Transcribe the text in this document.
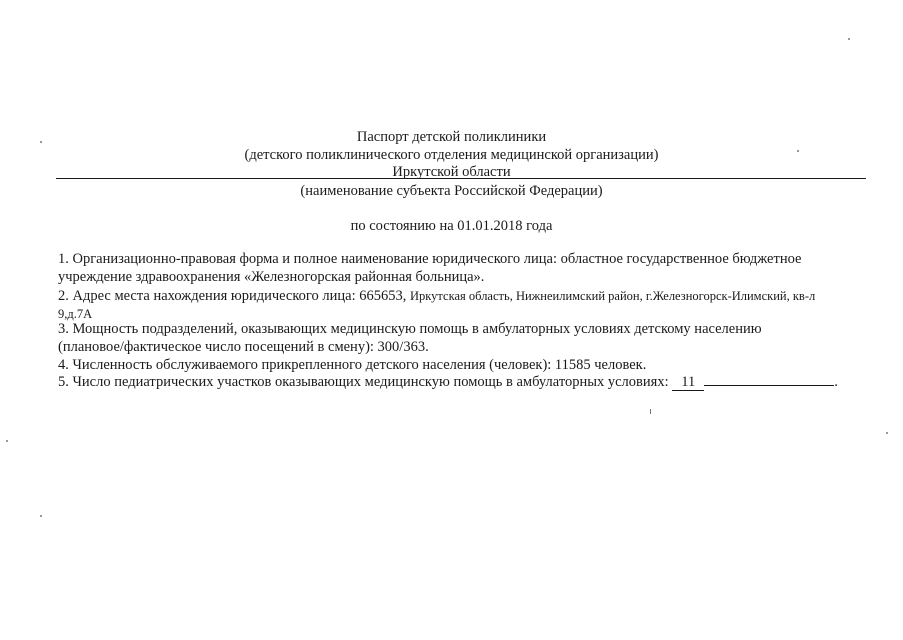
Паспорт детской поликлиники
(детского поликлинического отделения медицинской организации)
Иркутской области
(наименование субъекта Российской Федерации)
по состоянию на 01.01.2018 года
1. Организационно-правовая форма и полное наименование юридического лица: областное государственное бюджетное
учреждение здравоохранения «Железногорская районная больница».
2. Адрес места нахождения юридического лица: 665653, Иркутская область, Нижнеилимский район, г.Железногорск-Илимский, кв-л
9,д.7А
3. Мощность подразделений, оказывающих медицинскую помощь в амбулаторных условиях детскому населению
(плановое/фактическое число посещений в смену): 300/363.
4. Численность обслуживаемого прикрепленного детского населения (человек): 11585 человек.
5. Число педиатрических участков оказывающих медицинскую помощь в амбулаторных условиях: 11	.
